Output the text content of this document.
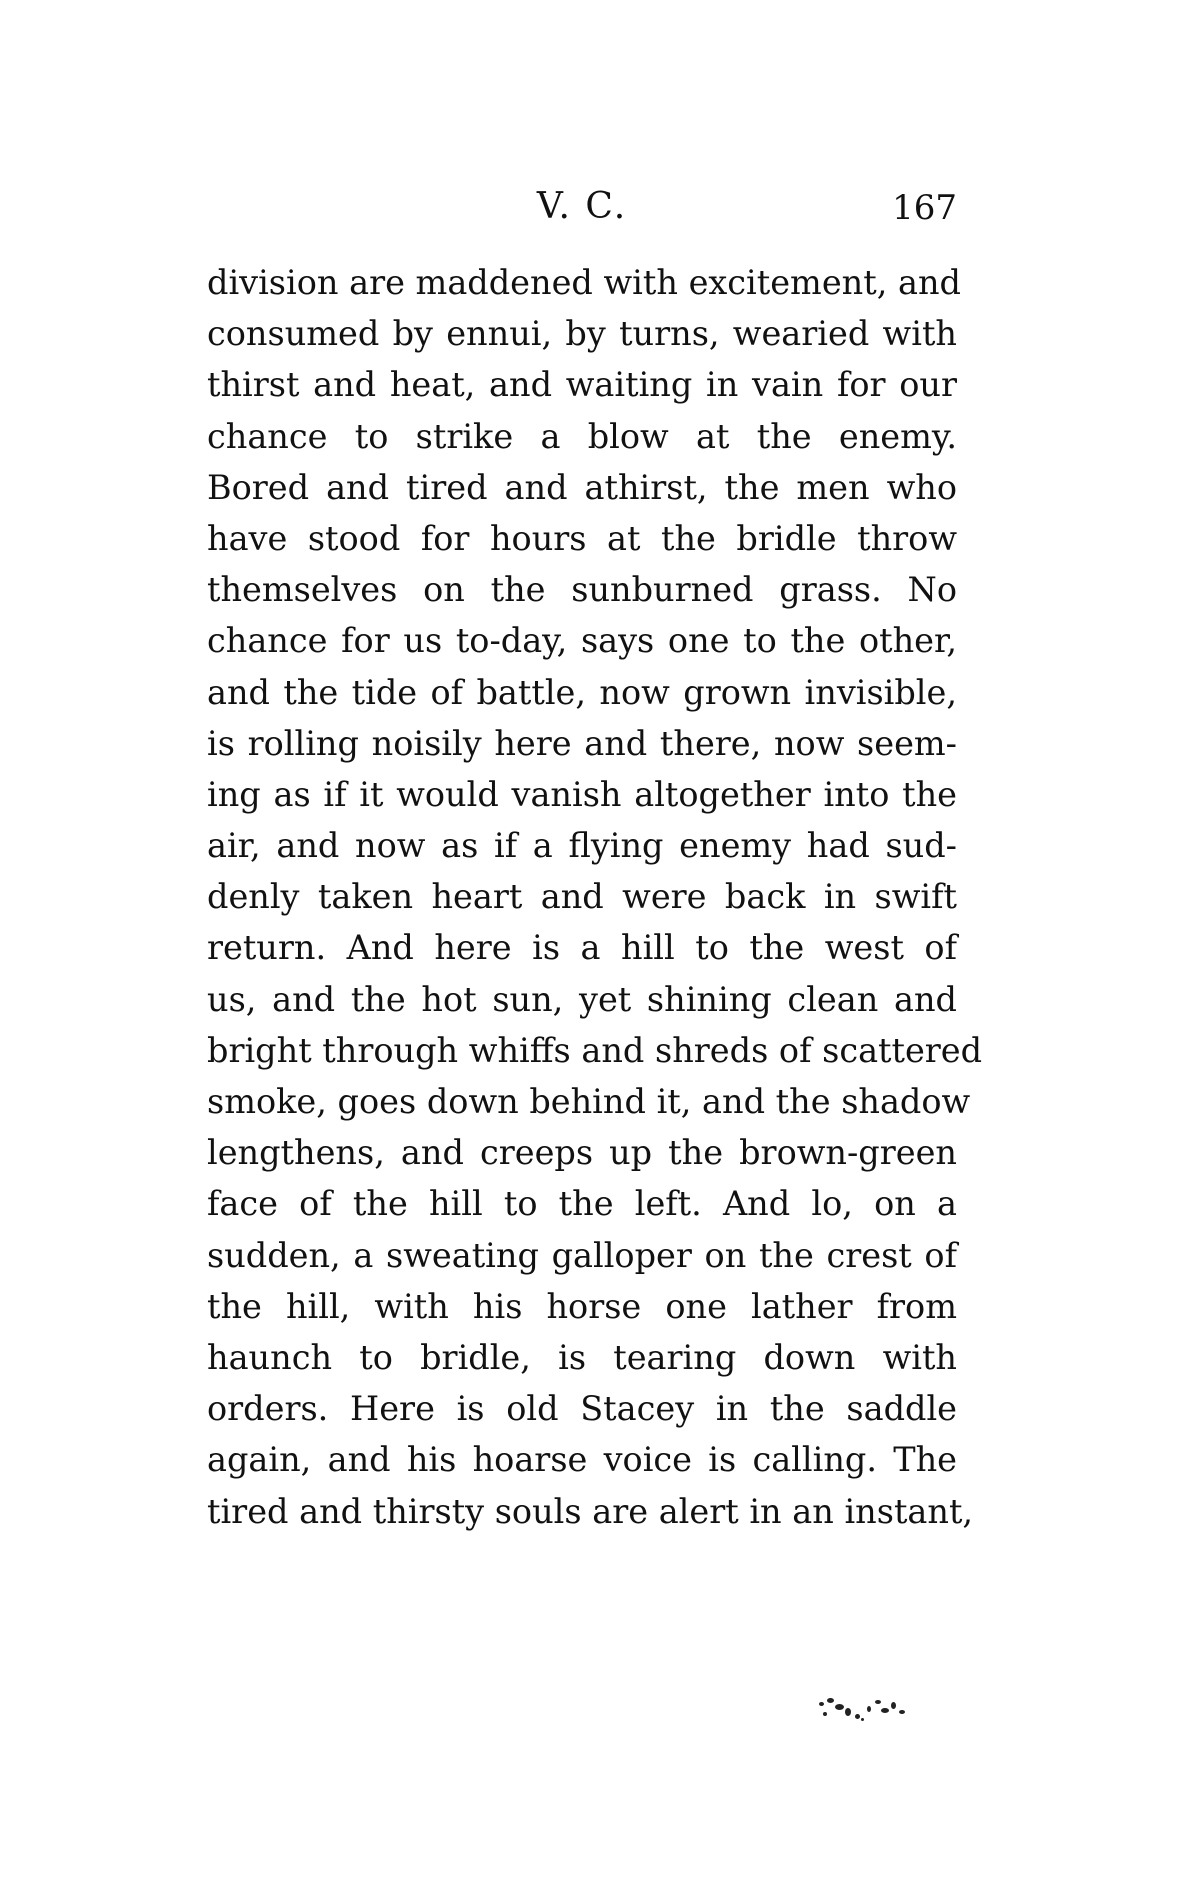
V. C.	167
division are maddened with excitement, and
consumed by ennui, by turns, wearied with
thirst and heat, and waiting in vain for our
chance to strike a blow at the enemy.
Bored and tired and athirst, the men who
have stood for hours at the bridle throw
themselves on the sunburned grass. No
chance for us to-day, says one to the other,
and the tide of battle, now grown invisible,
is rolling noisily here and there, now seem-
ing as if it would vanish altogether into the
air, and now as if a flying enemy had sud-
denly taken heart and were back in swift
return. And here is a hill to the west of
us, and the hot sun, yet shining clean and
bright through whiffs and shreds of scattered
smoke, goes down behind it, and the shadow
lengthens, and creeps up the brown-green
face of the hill to the left. And lo, on a
sudden, a sweating galloper on the crest of
the hill, with his horse one lather from
haunch to bridle, is tearing down with
orders. Here is old Stacey in the saddle
again, and his hoarse voice is calling. The
tired and thirsty souls are alert in an instant,
